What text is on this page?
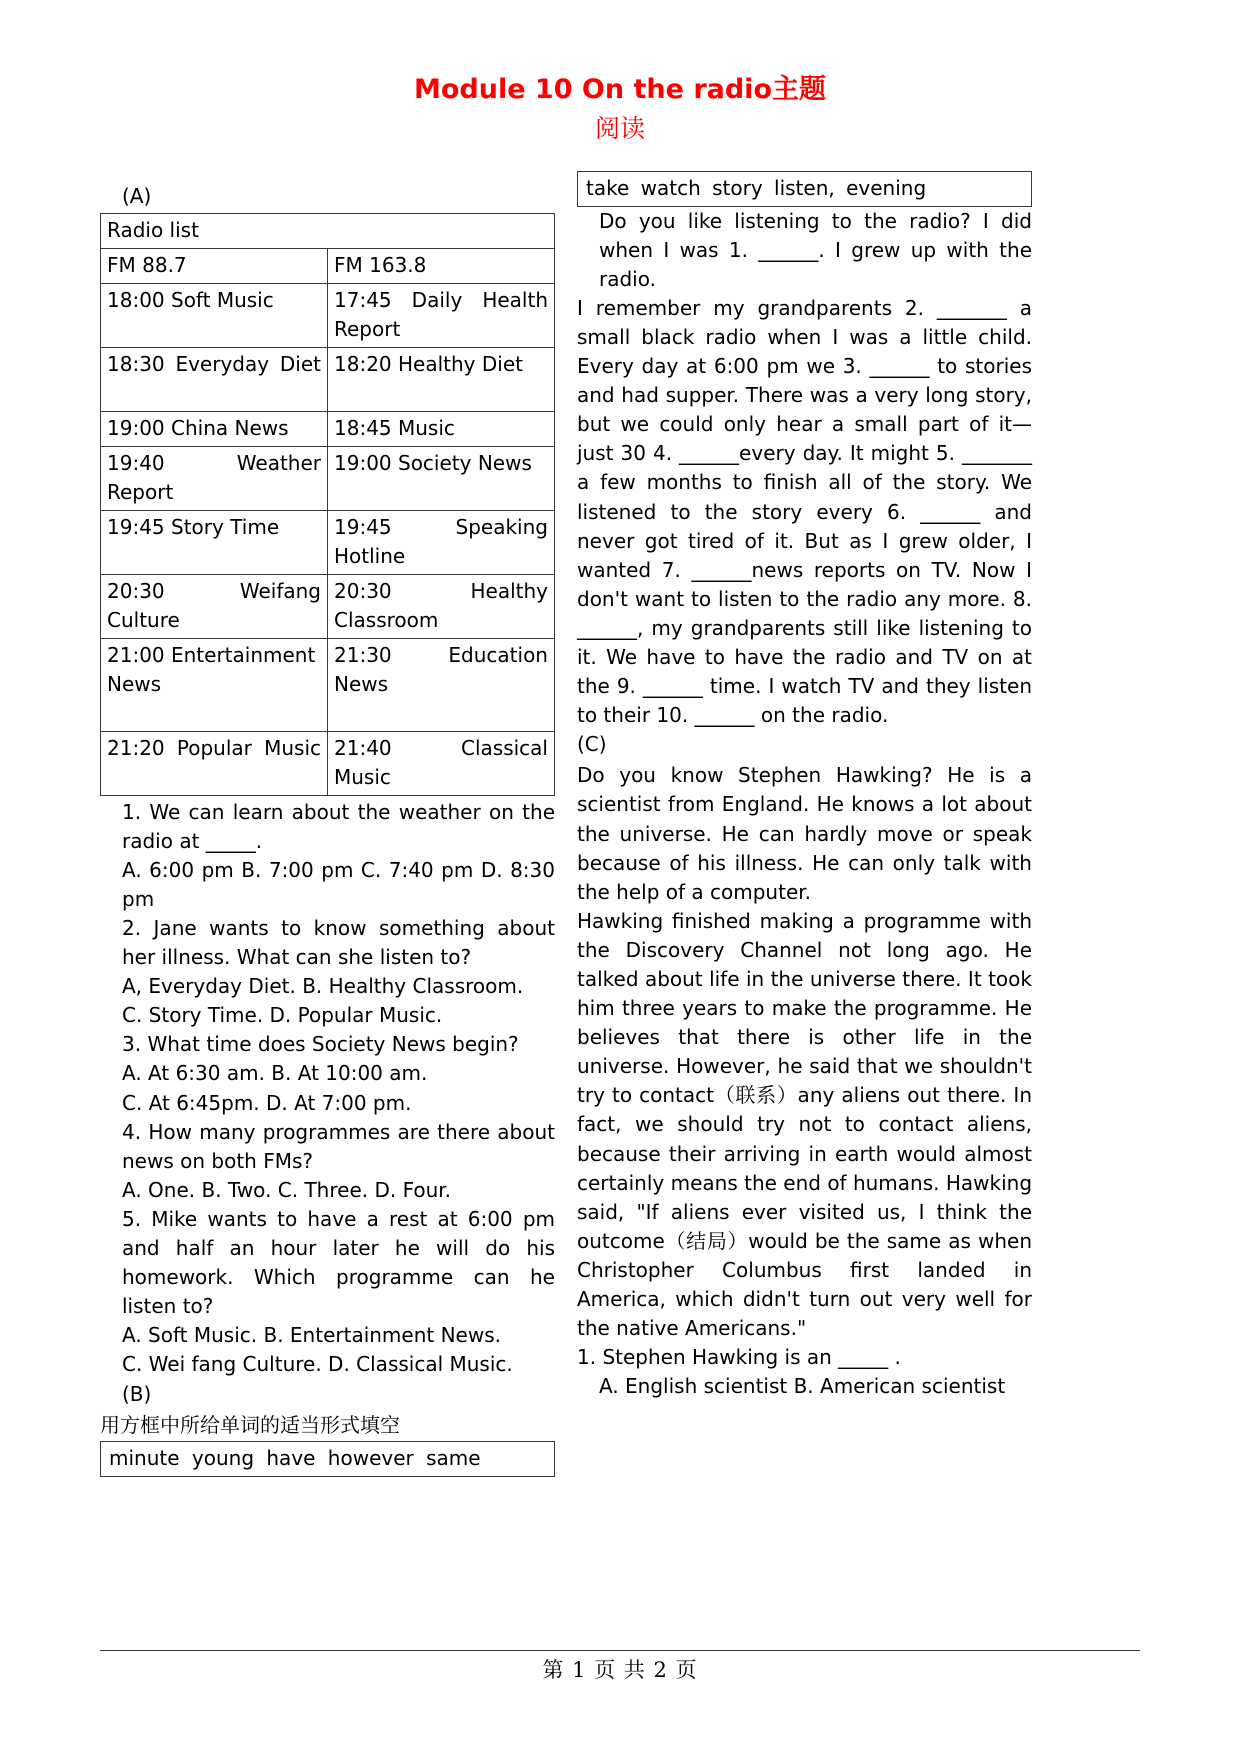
Module 10 On the radio主题
阅读
(A)
Radio list	
FM 88.7	FM 163.8
18:00 Soft Music	17:45 Daily Health Report
18:30 Everyday Diet	18:20 Healthy Diet
19:00 China News	18:45 Music
19:40 Weather Report	19:00 Society News
19:45 Story Time	19:45 Speaking Hotline
20:30 Weifang Culture	20:30 Healthy Classroom
21:00 Entertainment News	21:30 Education News
21:20 Popular Music	21:40 Classical Music
1. We can learn about the weather on the radio at _____.
A. 6:00 pm B. 7:00 pm C. 7:40 pm D. 8:30 pm
2. Jane wants to know something about her illness. What can she listen to?
A, Everyday Diet. B. Healthy Classroom.
C. Story Time. D. Popular Music.
3. What time does Society News begin?
A. At 6:30 am. B. At 10:00 am.
C. At 6:45pm. D. At 7:00 pm.
4. How many programmes are there about news on both FMs?
A. One. B. Two. C. Three. D. Four.
5. Mike wants to have a rest at 6:00 pm and half an hour later he will do his homework. Which programme can he listen to?
A. Soft Music. B. Entertainment News.
C. Wei fang Culture. D. Classical Music.
(B)
用方框中所给单词的适当形式填空
minute young have however same
take watch story listen, evening
Do you like listening to the radio? I did when I was 1. ______. I grew up with the radio.
I remember my grandparents 2. _______ a small black radio when I was a little child. Every day at 6:00 pm we 3. ______ to stories and had supper. There was a very long story, but we could only hear a small part of it—just 30 4. ______every day. It might 5. _______ a few months to finish all of the story. We listened to the story every 6. ______ and never got tired of it. But as I grew older, I wanted 7. ______news reports on TV. Now I don't want to listen to the radio any more. 8. ______, my grandparents still like listening to it. We have to have the radio and TV on at the 9. ______ time. I watch TV and they listen to their 10. ______ on the radio.
(C)
Do you know Stephen Hawking? He is a scientist from England. He knows a lot about the universe. He can hardly move or speak because of his illness. He can only talk with the help of a computer.
Hawking finished making a programme with the Discovery Channel not long ago. He talked about life in the universe there. It took him three years to make the programme. He believes that there is other life in the universe. However, he said that we shouldn't try to contact（联系）any aliens out there. In fact, we should try not to contact aliens, because their arriving in earth would almost certainly means the end of humans. Hawking said, "If aliens ever visited us, I think the outcome（结局）would be the same as when Christopher Columbus first landed in America, which didn't turn out very well for the native Americans."
1. Stephen Hawking is an _____ .
A. English scientist B. American scientist
第 1 页 共 2 页
